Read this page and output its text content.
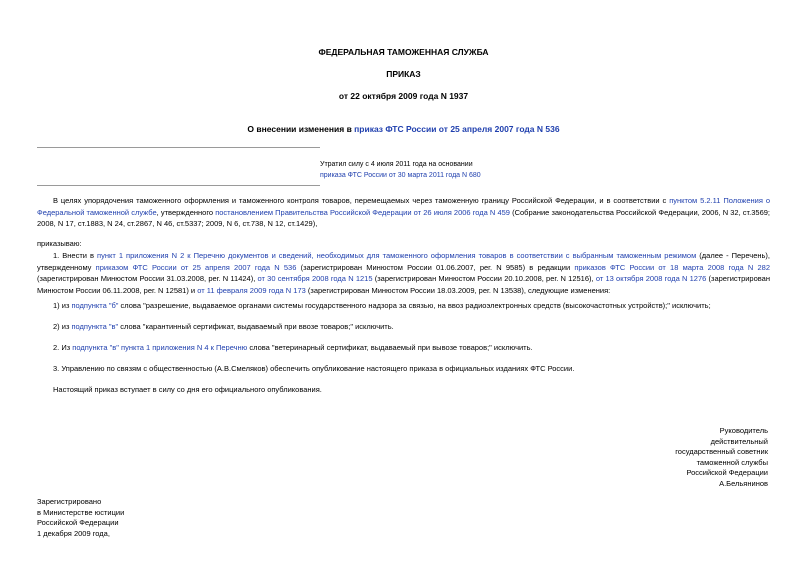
ФЕДЕРАЛЬНАЯ ТАМОЖЕННАЯ СЛУЖБА
ПРИКАЗ
от 22 октября 2009 года N 1937
О внесении изменения в приказ ФТС России от 25 апреля 2007 года N 536
Утратил силу с 4 июля 2011 года на основании
приказа ФТС России от 30 марта 2011 года N 680
В целях упорядочения таможенного оформления и таможенного контроля товаров, перемещаемых через таможенную границу Российской Федерации, и в соответствии с пунктом 5.2.11 Положения о Федеральной таможенной службе, утвержденного постановлением Правительства Российской Федерации от 26 июля 2006 года N 459 (Собрание законодательства Российской Федерации, 2006, N 32, ст.3569; 2008, N 17, ст.1883, N 24, ст.2867, N 46, ст.5337; 2009, N 6, ст.738, N 12, ст.1429),
приказываю:
1. Внести в пункт 1 приложения N 2 к Перечню документов и сведений, необходимых для таможенного оформления товаров в соответствии с выбранным таможенным режимом (далее - Перечень), утвержденному приказом ФТС России от 25 апреля 2007 года N 536 (зарегистрирован Минюстом России 01.06.2007, рег. N 9585) в редакции приказов ФТС России от 18 марта 2008 года N 282 (зарегистрирован Минюстом России 31.03.2008, рег. N 11424), от 30 сентября 2008 года N 1215 (зарегистрирован Минюстом России 20.10.2008, рег. N 12516), от 13 октября 2008 года N 1276 (зарегистрирован Минюстом России 06.11.2008, рег. N 12581) и от 11 февраля 2009 года N 173 (зарегистрирован Минюстом России 18.03.2009, рег. N 13538), следующие изменения:
1) из подпункта "б" слова "разрешение, выдаваемое органами системы государственного надзора за связью, на ввоз радиоэлектронных средств (высокочастотных устройств);" исключить;
2) из подпункта "в" слова "карантинный сертификат, выдаваемый при ввозе товаров;" исключить.
2. Из подпункта "в" пункта 1 приложения N 4 к Перечню слова "ветеринарный сертификат, выдаваемый при вывозе товаров;" исключить.
3. Управлению по связям с общественностью (А.В.Смеляков) обеспечить опубликование настоящего приказа в официальных изданиях ФТС России.
Настоящий приказ вступает в силу со дня его официального опубликования.
Руководитель
действительный
государственный советник
таможенной службы
Российской Федерации
А.Бельянинов
Зарегистрировано
в Министерстве юстиции
Российской Федерации
1 декабря 2009 года,
